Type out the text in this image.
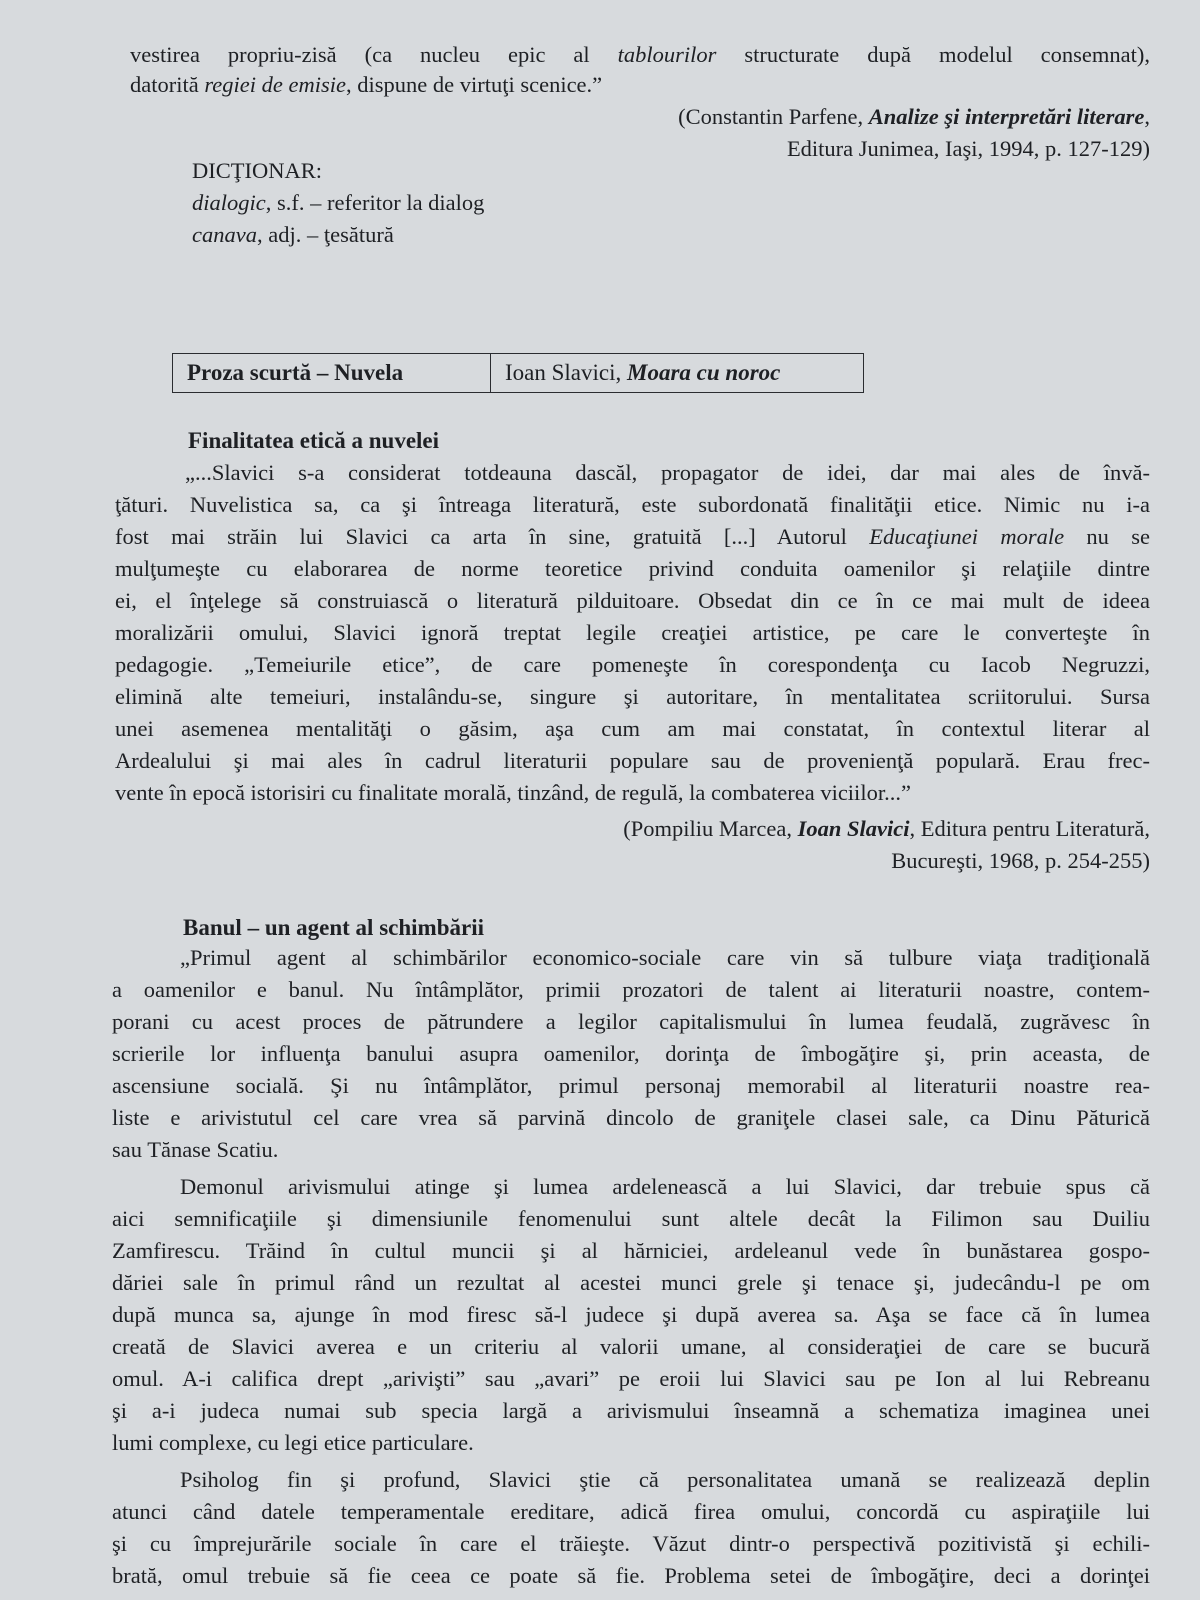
vestirea propriu-zisă (ca nucleu epic al tablourilor structurate după modelul consemnat),
datorită regiei de emisie, dispune de virtuţi scenice.”
(Constantin Parfene, Analize şi interpretări literare,
Editura Junimea, Iaşi, 1994, p. 127-129)
DICŢIONAR:
dialogic, s.f. – referitor la dialog
canava, adj. – ţesătură
Proza scurtă – Nuvela	Ioan Slavici, Moara cu noroc
Finalitatea etică a nuvelei
„...Slavici s-a considerat totdeauna dascăl, propagator de idei, dar mai ales de învă-
ţături. Nuvelistica sa, ca şi întreaga literatură, este subordonată finalităţii etice. Nimic nu i-a
fost mai străin lui Slavici ca arta în sine, gratuită [...] Autorul Educaţiunei morale nu se
mulţumeşte cu elaborarea de norme teoretice privind conduita oamenilor şi relaţiile dintre
ei, el înţelege să construiască o literatură pilduitoare. Obsedat din ce în ce mai mult de ideea
moralizării omului, Slavici ignoră treptat legile creaţiei artistice, pe care le converteşte în
pedagogie. „Temeiurile etice”, de care pomeneşte în corespondenţa cu Iacob Negruzzi,
elimină alte temeiuri, instalându-se, singure şi autoritare, în mentalitatea scriitorului. Sursa
unei asemenea mentalităţi o găsim, aşa cum am mai constatat, în contextul literar al
Ardealului şi mai ales în cadrul literaturii populare sau de provenienţă populară. Erau frec-
vente în epocă istorisiri cu finalitate morală, tinzând, de regulă, la combaterea viciilor...”
(Pompiliu Marcea, Ioan Slavici, Editura pentru Literatură,
Bucureşti, 1968, p. 254-255)
Banul – un agent al schimbării
„Primul agent al schimbărilor economico-sociale care vin să tulbure viaţa tradiţională
a oamenilor e banul. Nu întâmplător, primii prozatori de talent ai literaturii noastre, contem-
porani cu acest proces de pătrundere a legilor capitalismului în lumea feudală, zugrăvesc în
scrierile lor influenţa banului asupra oamenilor, dorinţa de îmbogăţire şi, prin aceasta, de
ascensiune socială. Şi nu întâmplător, primul personaj memorabil al literaturii noastre rea-
liste e arivistutul cel care vrea să parvină dincolo de graniţele clasei sale, ca Dinu Păturică
sau Tănase Scatiu.
Demonul arivismului atinge şi lumea ardelenească a lui Slavici, dar trebuie spus că
aici semnificaţiile şi dimensiunile fenomenului sunt altele decât la Filimon sau Duiliu
Zamfirescu. Trăind în cultul muncii şi al hărniciei, ardeleanul vede în bunăstarea gospo-
dăriei sale în primul rând un rezultat al acestei munci grele şi tenace şi, judecându-l pe om
după munca sa, ajunge în mod firesc să-l judece şi după averea sa. Aşa se face că în lumea
creată de Slavici averea e un criteriu al valorii umane, al consideraţiei de care se bucură
omul. A-i califica drept „arivişti” sau „avari” pe eroii lui Slavici sau pe Ion al lui Rebreanu
şi a-i judeca numai sub specia largă a arivismului înseamnă a schematiza imaginea unei
lumi complexe, cu legi etice particulare.
Psiholog fin şi profund, Slavici ştie că personalitatea umană se realizează deplin
atunci când datele temperamentale ereditare, adică firea omului, concordă cu aspiraţiile lui
şi cu împrejurările sociale în care el trăieşte. Văzut dintr-o perspectivă pozitivistă şi echili-
brată, omul trebuie să fie ceea ce poate să fie. Problema setei de îmbogăţire, deci a dorinţei
